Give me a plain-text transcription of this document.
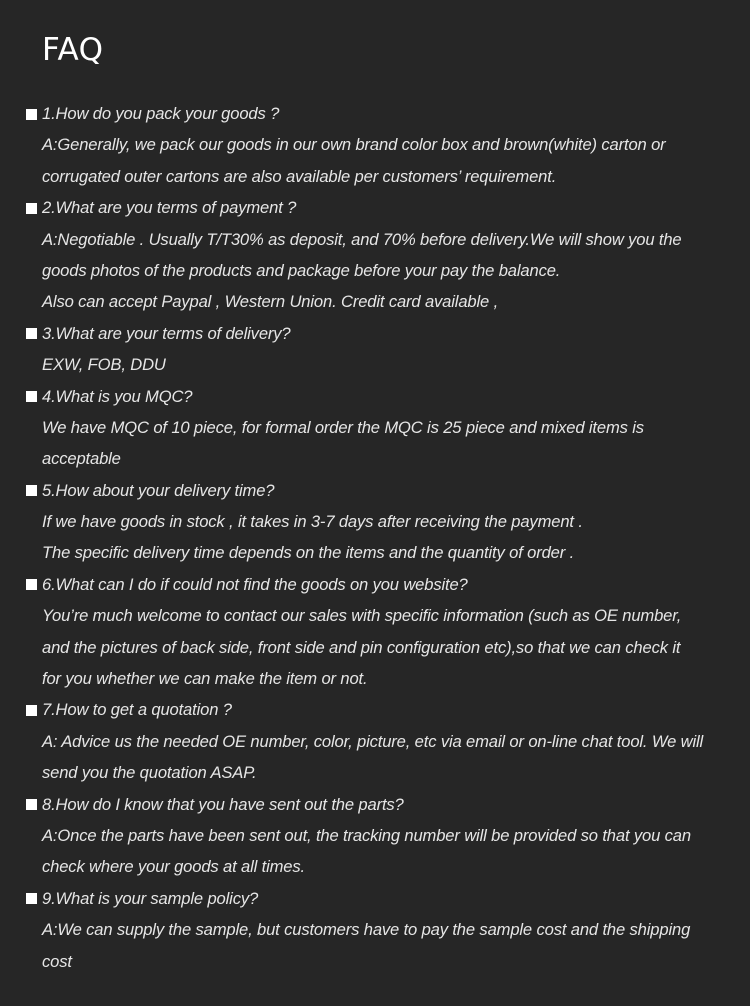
FAQ
1.How do you pack your goods ?
A:Generally, we pack our goods in our own brand color box and brown(white) carton or
corrugated outer cartons are also available per customers’ requirement.
2.What are you terms of payment ?
A:Negotiable . Usually T/T30% as deposit, and 70% before delivery.We will show you the
goods photos of the products and package before your pay the balance.
Also can accept Paypal , Western Union. Credit card available ,
3.What are your terms of delivery?
EXW, FOB, DDU
4.What is you MQC?
We have MQC of 10 piece, for formal order the MQC is 25 piece and mixed items is
acceptable
5.How about your delivery time?
If we have goods in stock , it takes in 3-7 days after receiving the payment .
The specific delivery time depends on the items and the quantity of order .
6.What can I do if could not find the goods on you website?
You’re much welcome to contact our sales with specific information (such as OE number,
and the pictures of back side, front side and pin configuration etc),so that we can check it
for you whether we can make the item or not.
7.How to get a quotation ?
A: Advice us the needed OE number, color, picture, etc via email or on-line chat tool. We will
send you the quotation ASAP.
8.How do I know that you have sent out the parts?
A:Once the parts have been sent out, the tracking number will be provided so that you can
check where your goods at all times.
9.What is your sample policy?
A:We can supply the sample, but customers have to pay the sample cost and the shipping
cost
